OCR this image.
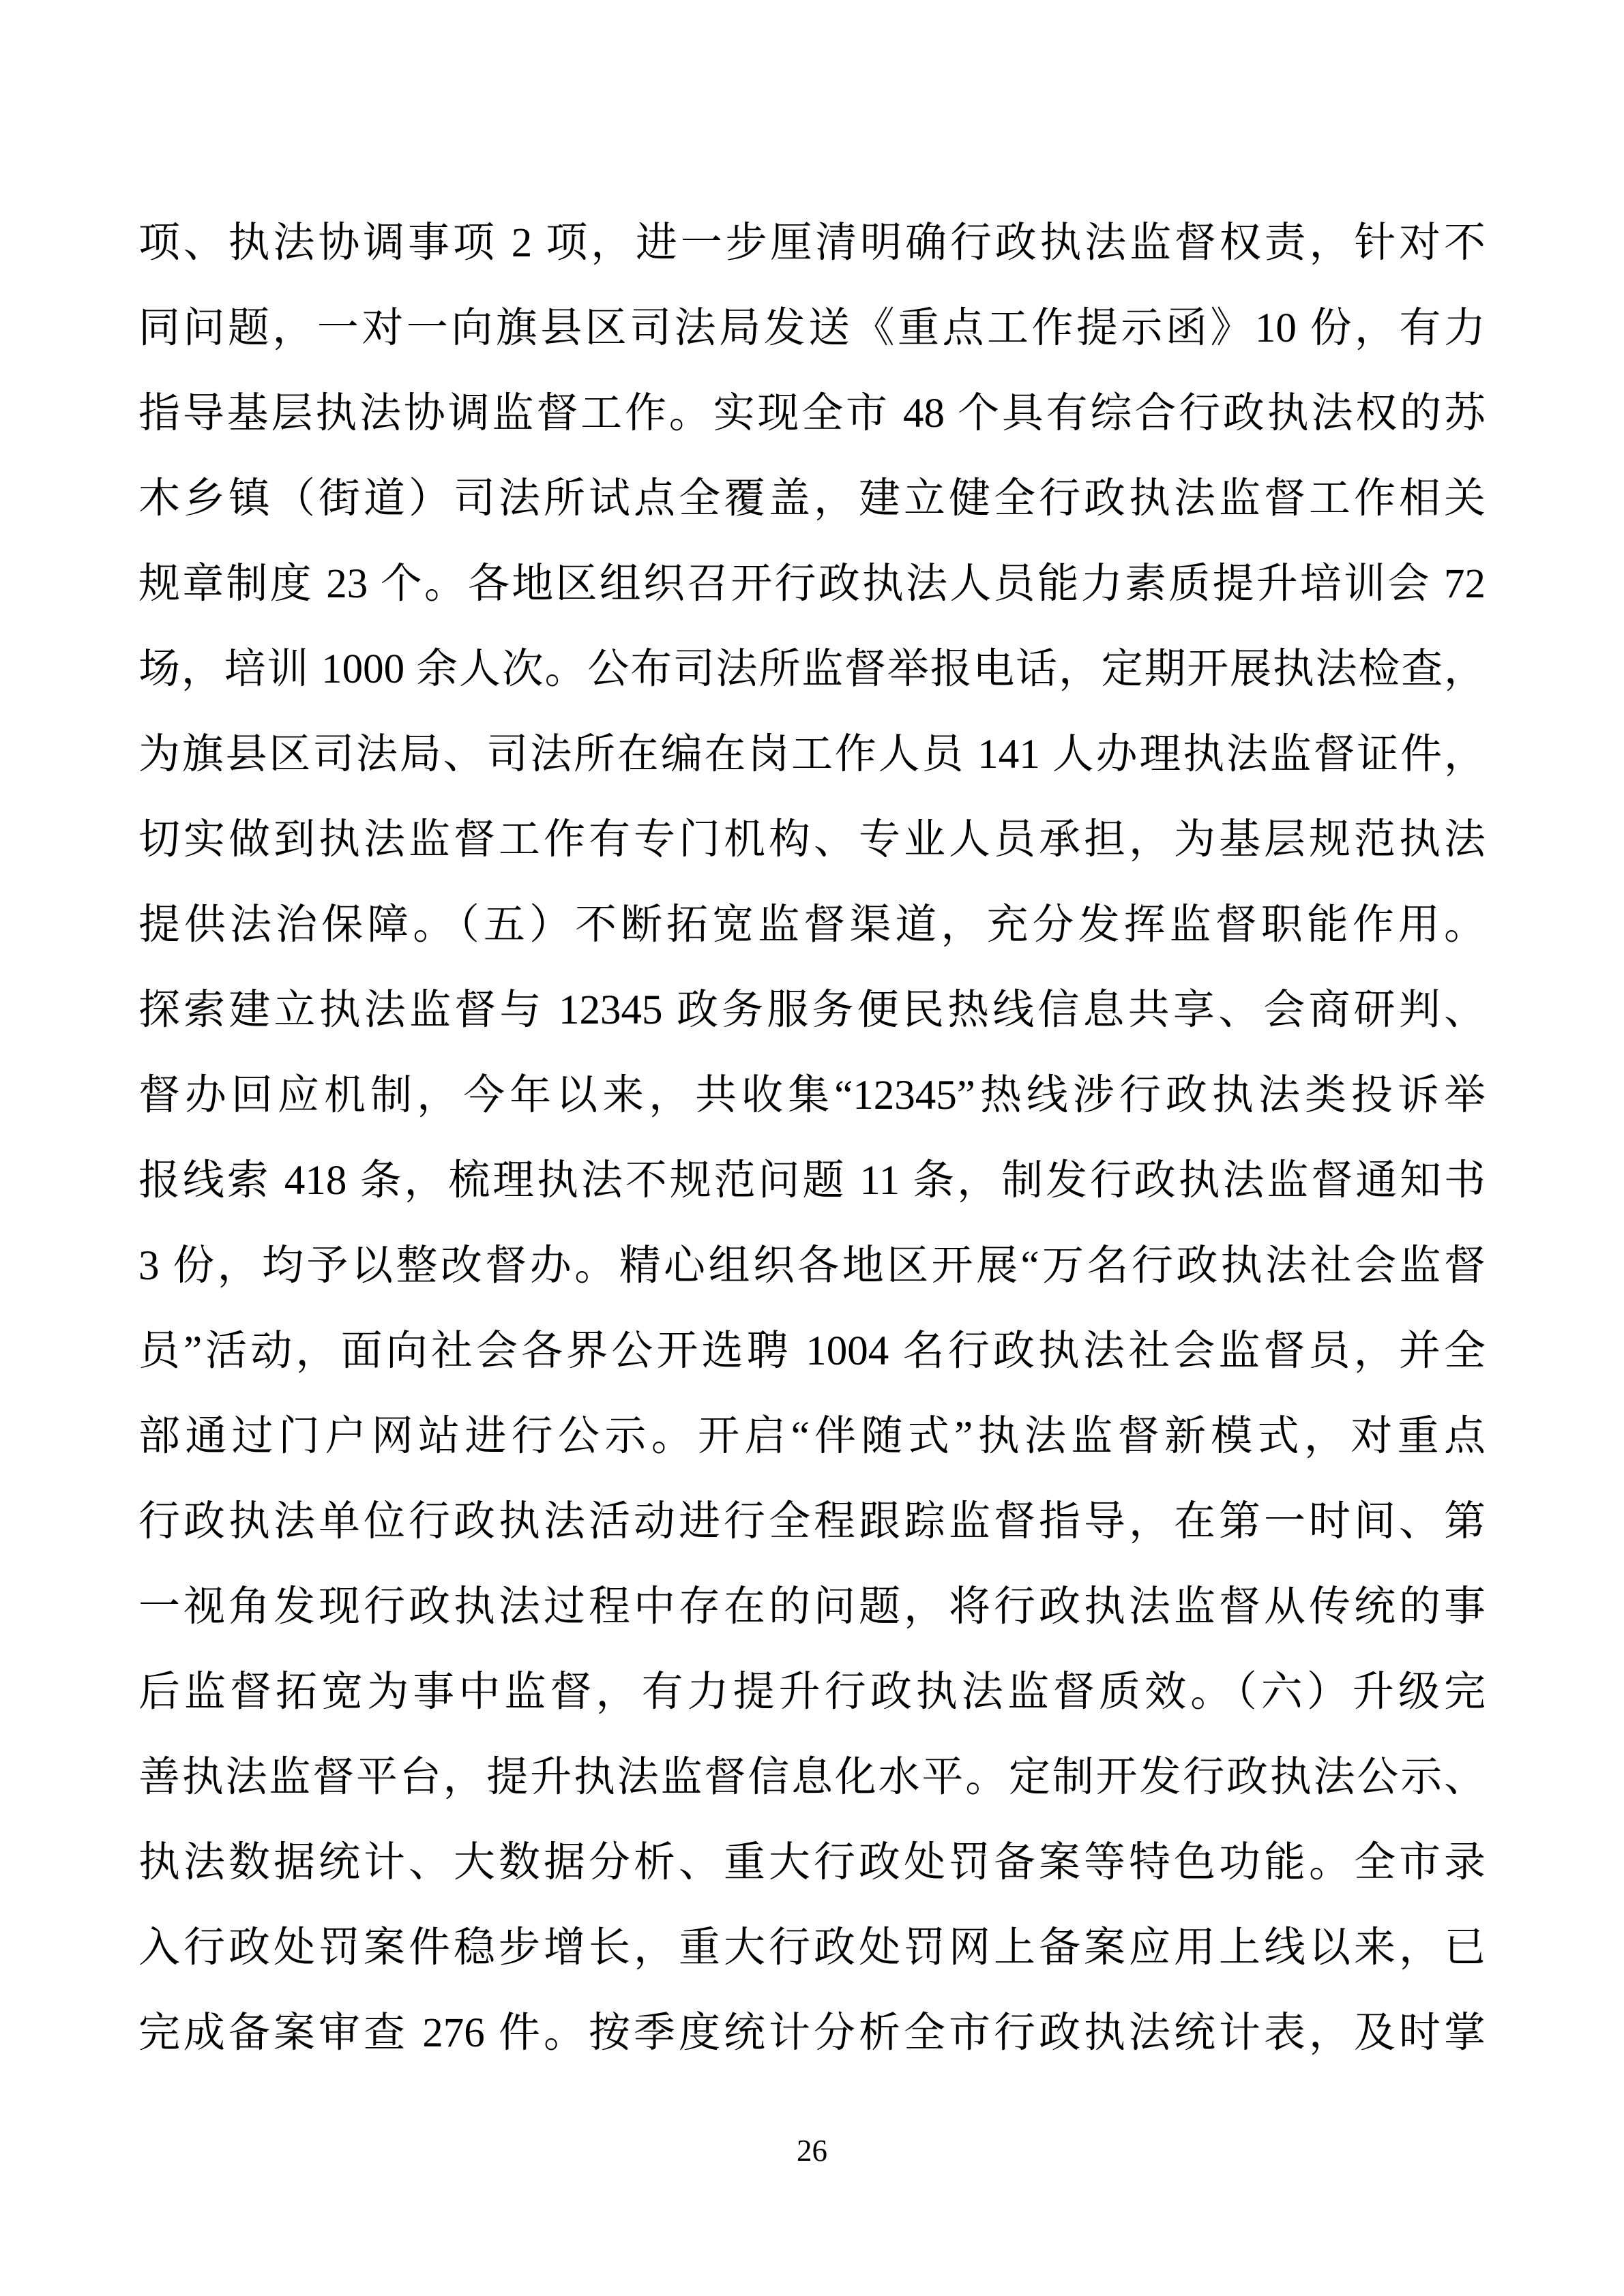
项、执法协调事项 2 项，进一步厘清明确行政执法监督权责，针对不
同问题，一对一向旗县区司法局发送《重点工作提示函》10 份，有力
指导基层执法协调监督工作。实现全市 48 个具有综合行政执法权的苏
木乡镇（街道）司法所试点全覆盖，建立健全行政执法监督工作相关
规章制度 23 个。各地区组织召开行政执法人员能力素质提升培训会 72
场，培训 1000 余人次。公布司法所监督举报电话，定期开展执法检查，
为旗县区司法局、司法所在编在岗工作人员 141 人办理执法监督证件，
切实做到执法监督工作有专门机构、专业人员承担，为基层规范执法
提供法治保障。（五）不断拓宽监督渠道，充分发挥监督职能作用。
探索建立执法监督与 12345 政务服务便民热线信息共享、会商研判、
督办回应机制，今年以来，共收集“12345”热线涉行政执法类投诉举
报线索 418 条，梳理执法不规范问题 11 条，制发行政执法监督通知书
3 份，均予以整改督办。精心组织各地区开展“万名行政执法社会监督
员”活动，面向社会各界公开选聘 1004 名行政执法社会监督员，并全
部通过门户网站进行公示。开启“伴随式”执法监督新模式，对重点
行政执法单位行政执法活动进行全程跟踪监督指导，在第一时间、第
一视角发现行政执法过程中存在的问题，将行政执法监督从传统的事
后监督拓宽为事中监督，有力提升行政执法监督质效。（六）升级完
善执法监督平台，提升执法监督信息化水平。定制开发行政执法公示、
执法数据统计、大数据分析、重大行政处罚备案等特色功能。全市录
入行政处罚案件稳步增长，重大行政处罚网上备案应用上线以来，已
完成备案审查 276 件。按季度统计分析全市行政执法统计表，及时掌
26
